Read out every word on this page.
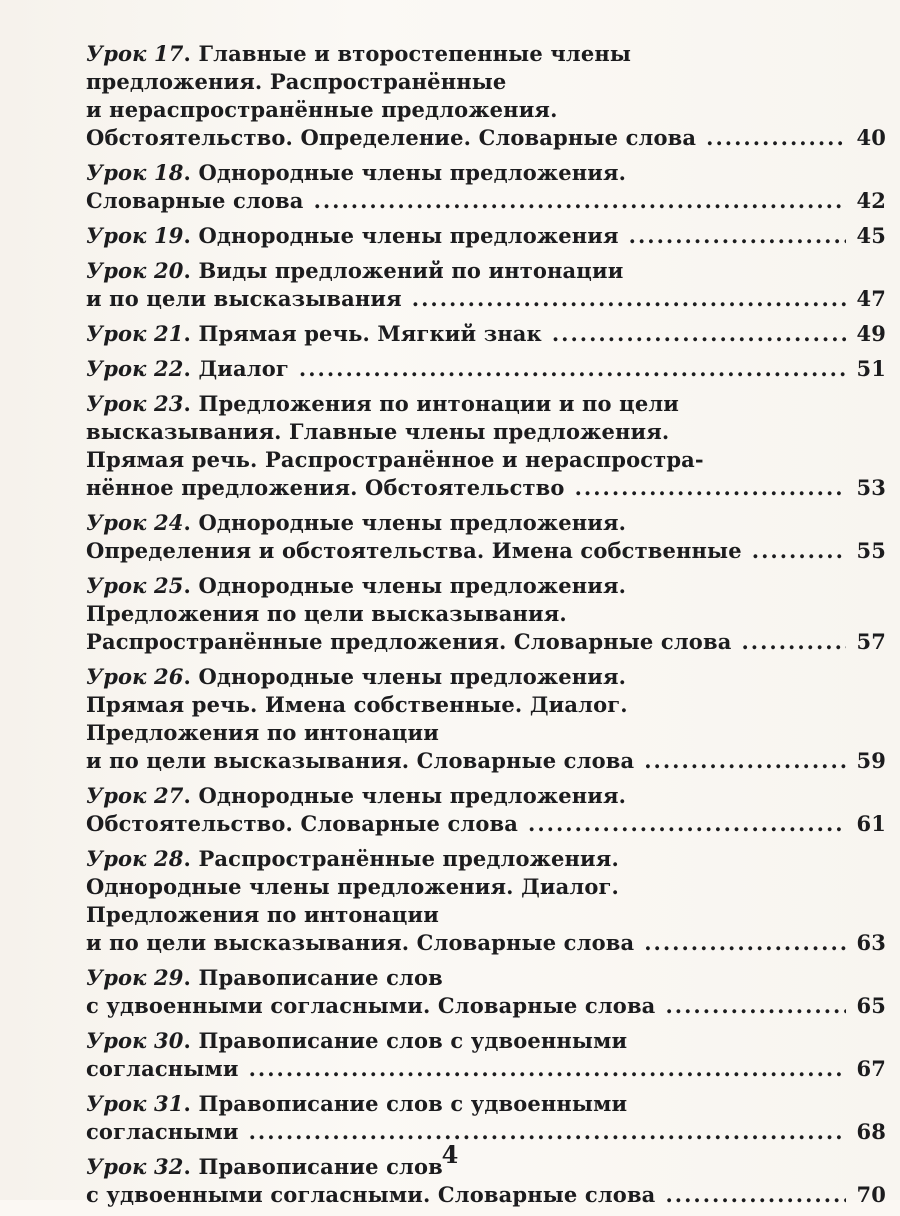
Урок 17. Главные и второстепенные члены
предложения. Распространённые
и нераспространённые предложения.
Обстоятельство. Определение. Словарные слова .....	40
Урок 18. Однородные члены предложения.
Словарные слова .....	42
Урок 19. Однородные члены предложения .....	45
Урок 20. Виды предложений по интонации
и по цели высказывания .....	47
Урок 21. Прямая речь. Мягкий знак .....	49
Урок 22. Диалог .....	51
Урок 23. Предложения по интонации и по цели
высказывания. Главные члены предложения.
Прямая речь. Распространённое и нераспростра-
нённое предложения. Обстоятельство .....	53
Урок 24. Однородные члены предложения.
Определения и обстоятельства. Имена собственные .....	55
Урок 25. Однородные члены предложения.
Предложения по цели высказывания.
Распространённые предложения. Словарные слова .....	57
Урок 26. Однородные члены предложения.
Прямая речь. Имена собственные. Диалог.
Предложения по интонации
и по цели высказывания. Словарные слова .....	59
Урок 27. Однородные члены предложения.
Обстоятельство. Словарные слова .....	61
Урок 28. Распространённые предложения.
Однородные члены предложения. Диалог.
Предложения по интонации
и по цели высказывания. Словарные слова .....	63
Урок 29. Правописание слов
с удвоенными согласными. Словарные слова .....	65
Урок 30. Правописание слов с удвоенными
согласными .....	67
Урок 31. Правописание слов с удвоенными
согласными .....	68
Урок 32. Правописание слов
с удвоенными согласными. Словарные слова .....	70
4
